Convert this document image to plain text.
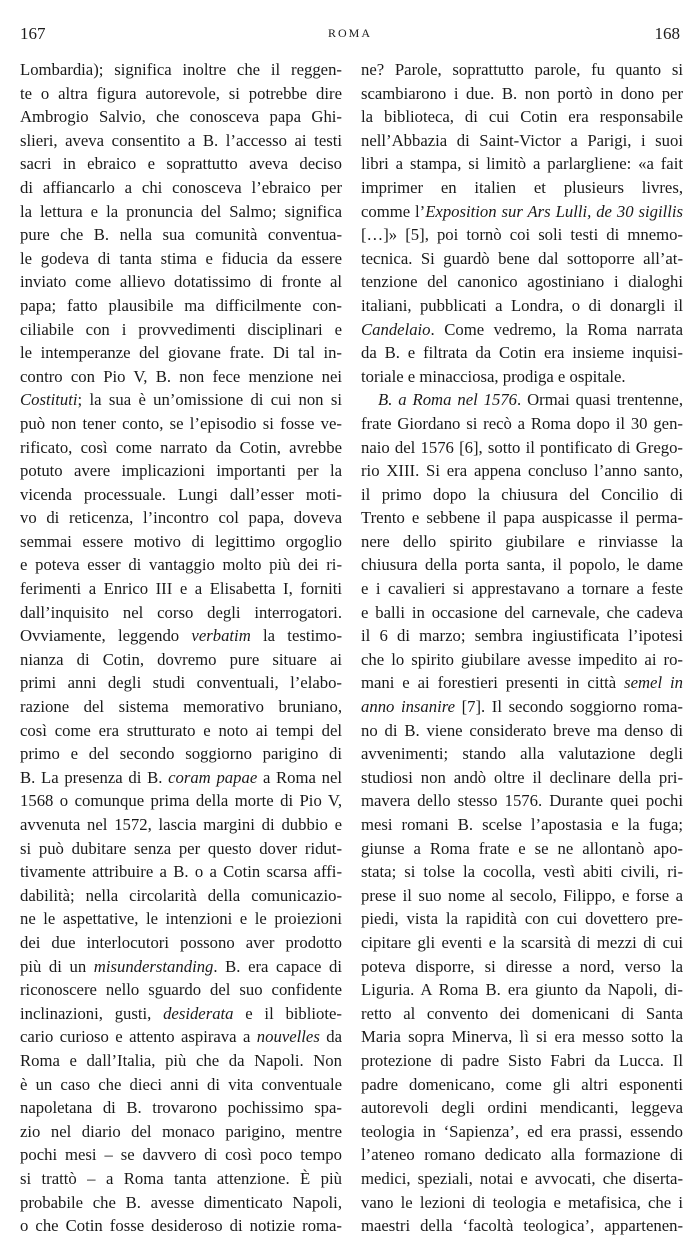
167	ROMA	168
Lombardia); significa inoltre che il reggen-
te o altra figura autorevole, si potrebbe dire
Ambrogio Salvio, che conosceva papa Ghi-
slieri, aveva consentito a B. l’accesso ai testi
sacri in ebraico e soprattutto aveva deciso
di affiancarlo a chi conosceva l’ebraico per
la lettura e la pronuncia del Salmo; significa
pure che B. nella sua comunità conventua-
le godeva di tanta stima e fiducia da essere
inviato come allievo dotatissimo di fronte al
papa; fatto plausibile ma difficilmente con-
ciliabile con i provvedimenti disciplinari e
le intemperanze del giovane frate. Di tal in-
contro con Pio V, B. non fece menzione nei
Costituti; la sua è un’omissione di cui non si
può non tener conto, se l’episodio si fosse ve-
rificato, così come narrato da Cotin, avrebbe
potuto avere implicazioni importanti per la
vicenda processuale. Lungi dall’esser moti-
vo di reticenza, l’incontro col papa, doveva
semmai essere motivo di legittimo orgoglio
e poteva esser di vantaggio molto più dei ri-
ferimenti a Enrico III e a Elisabetta I, forniti
dall’inquisito nel corso degli interrogatori.
Ovviamente, leggendo verbatim la testimo-
nianza di Cotin, dovremo pure situare ai
primi anni degli studi conventuali, l’elabo-
razione del sistema memorativo bruniano,
così come era strutturato e noto ai tempi del
primo e del secondo soggiorno parigino di
B. La presenza di B. coram papae a Roma nel
1568 o comunque prima della morte di Pio V,
avvenuta nel 1572, lascia margini di dubbio e
si può dubitare senza per questo dover ridut-
tivamente attribuire a B. o a Cotin scarsa affi-
dabilità; nella circolarità della comunicazio-
ne le aspettative, le intenzioni e le proiezioni
dei due interlocutori possono aver prodotto
più di un misunderstanding. B. era capace di
riconoscere nello sguardo del suo confidente
inclinazioni, gusti, desiderata e il bibliote-
cario curioso e attento aspirava a nouvelles da
Roma e dall’Italia, più che da Napoli. Non
è un caso che dieci anni di vita conventuale
napoletana di B. trovarono pochissimo spa-
zio nel diario del monaco parigino, mentre
pochi mesi – se davvero di così poco tempo
si trattò – a Roma tanta attenzione. È più
probabile che B. avesse dimenticato Napoli,
o che Cotin fosse desideroso di notizie roma-
ne? Parole, soprattutto parole, fu quanto si
scambiarono i due. B. non portò in dono per
la biblioteca, di cui Cotin era responsabile
nell’Abbazia di Saint-Victor a Parigi, i suoi
libri a stampa, si limitò a parlargliene: «a fait
imprimer en italien et plusieurs livres,
comme l’Exposition sur Ars Lulli, de 30 sigillis
[…]» [5], poi tornò coi soli testi di mnemo-
tecnica. Si guardò bene dal sottoporre all’at-
tenzione del canonico agostiniano i dialoghi
italiani, pubblicati a Londra, o di donargli il
Candelaio. Come vedremo, la Roma narrata
da B. e filtrata da Cotin era insieme inquisi-
toriale e minacciosa, prodiga e ospitale.
B. a Roma nel 1576. Ormai quasi trentenne,
frate Giordano si recò a Roma dopo il 30 gen-
naio del 1576 [6], sotto il pontificato di Grego-
rio XIII. Si era appena concluso l’anno santo,
il primo dopo la chiusura del Concilio di
Trento e sebbene il papa auspicasse il perma-
nere dello spirito giubilare e rinviasse la
chiusura della porta santa, il popolo, le dame
e i cavalieri si apprestavano a tornare a feste
e balli in occasione del carnevale, che cadeva
il 6 di marzo; sembra ingiustificata l’ipotesi
che lo spirito giubilare avesse impedito ai ro-
mani e ai forestieri presenti in città semel in
anno insanire [7]. Il secondo soggiorno roma-
no di B. viene considerato breve ma denso di
avvenimenti; stando alla valutazione degli
studiosi non andò oltre il declinare della pri-
mavera dello stesso 1576. Durante quei pochi
mesi romani B. scelse l’apostasia e la fuga;
giunse a Roma frate e se ne allontanò apo-
stata; si tolse la cocolla, vestì abiti civili, ri-
prese il suo nome al secolo, Filippo, e forse a
piedi, vista la rapidità con cui dovettero pre-
cipitare gli eventi e la scarsità di mezzi di cui
poteva disporre, si diresse a nord, verso la
Liguria. A Roma B. era giunto da Napoli, di-
retto al convento dei domenicani di Santa
Maria sopra Minerva, lì si era messo sotto la
protezione di padre Sisto Fabri da Lucca. Il
padre domenicano, come gli altri esponenti
autorevoli degli ordini mendicanti, leggeva
teologia in ‘Sapienza’, ed era prassi, essendo
l’ateneo romano dedicato alla formazione di
medici, speziali, notai e avvocati, che diserta-
vano le lezioni di teologia e metafisica, che i
maestri della ‘facoltà teologica’, appartenen-
